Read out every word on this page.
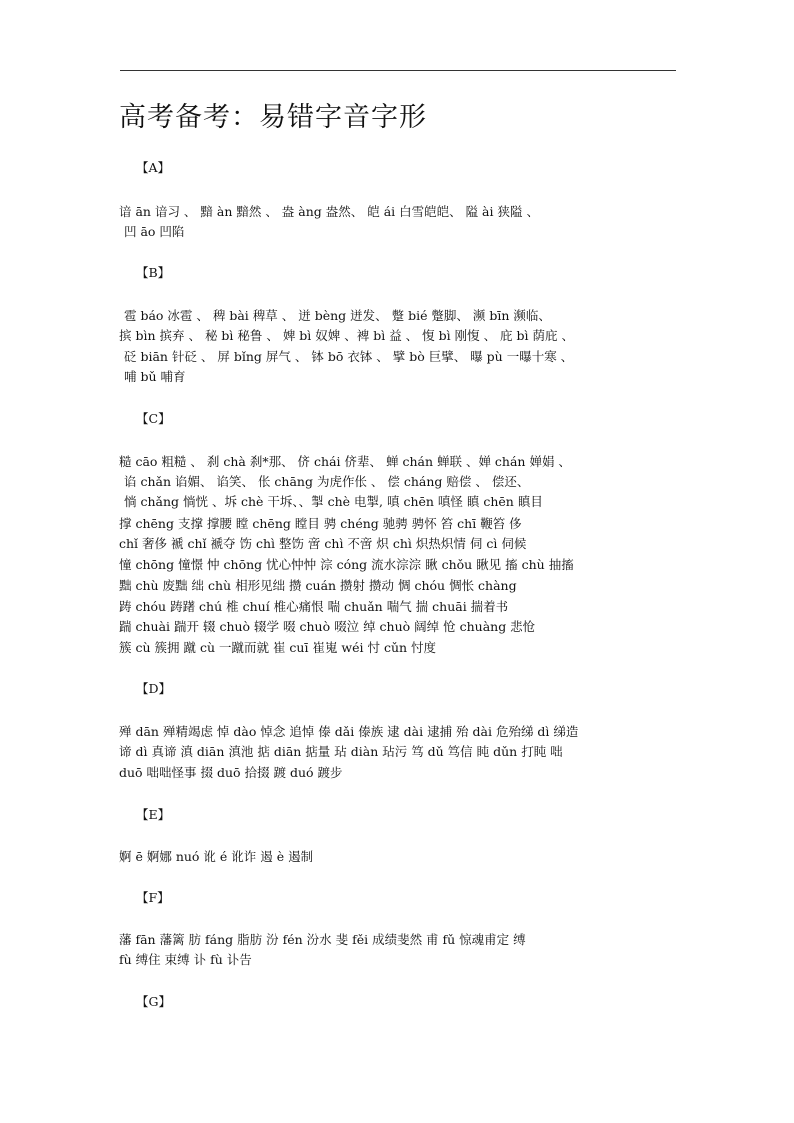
高考备考：易错字音字形
【A】
谙 ān 谙习 、 黯 àn 黯然 、 盎 àng 盎然、 皑 ái 白雪皑皑、 隘 ài 狭隘 、
凹 āo 凹陷
【B】
雹 báo 冰雹 、 稗 bài 稗草 、 迸 bèng 迸发、 蹩 bié 蹩脚、 濒 bīn 濒临、
摈 bìn 摈弃 、 秘 bì 秘鲁 、 婢 bì 奴婢 、裨 bì 益 、 愎 bì 刚愎 、 庇 bì 荫庇 、
砭 biān 针砭 、 屏 bǐng 屏气 、 钵 bō 衣钵 、 擘 bò 巨擘、 曝 pù 一曝十寒 、
哺 bǔ 哺育
【C】
糙 cāo 粗糙 、 刹 chà 刹*那、 侪 chái 侪辈、 蝉 chán 蝉联 、婵 chán 婵娟 、
谄 chǎn 谄媚、 谄笑、 伥 chāng 为虎作伥 、 偿 cháng 赔偿 、 偿还、
惝 chǎng 惝恍 、坼 chè 干坼、、掣 chè 电掣, 嗔 chēn 嗔怪 瞋 chēn 瞋目
撑 chēng 支撑 撑腰 瞠 chēng 瞠目 骋 chéng 驰骋 骋怀 笞 chī 鞭笞 侈
chǐ 奢侈 褫 chǐ 褫夺 饬 chì 整饬 啻 chì 不啻 炽 chì 炽热炽情 伺 cì 伺候
憧 chōng 憧憬 忡 chōng 忧心忡忡 淙 cóng 流水淙淙 瞅 chǒu 瞅见 搐 chù 抽搐
黜 chù 废黜 绌 chù 相形见绌 攒 cuán 攒射 攒动 惆 chóu 惆怅 chàng
踌 chóu 踌躇 chú 椎 chuí 椎心痛恨 喘 chuǎn 喘气 揣 chuāi 揣着书
踹 chuài 踹开 辍 chuò 辍学 啜 chuò 啜泣 绰 chuò 阔绰 怆 chuàng 悲怆
簇 cù 簇拥 蹴 cù 一蹴而就 崔 cuī 崔嵬 wéi 忖 cǔn 忖度
【D】
殚 dān 殚精竭虑 悼 dào 悼念 追悼 傣 dǎi 傣族 逮 dài 逮捕 殆 dài 危殆绨 dì 绨造
谛 dì 真谛 滇 diān 滇池 掂 diān 掂量 玷 diàn 玷污 笃 dǔ 笃信 盹 dǔn 打盹 咄
duō 咄咄怪事 掇 duō 拾掇 踱 duó 踱步
【E】
婀 ē 婀娜 nuó 讹 é 讹诈 遏 è 遏制
【F】
藩 fān 藩篱 肪 fáng 脂肪 汾 fén 汾水 斐 fěi 成绩斐然 甫 fǔ 惊魂甫定 缚
fù 缚住 束缚 讣 fù 讣告
【G】
